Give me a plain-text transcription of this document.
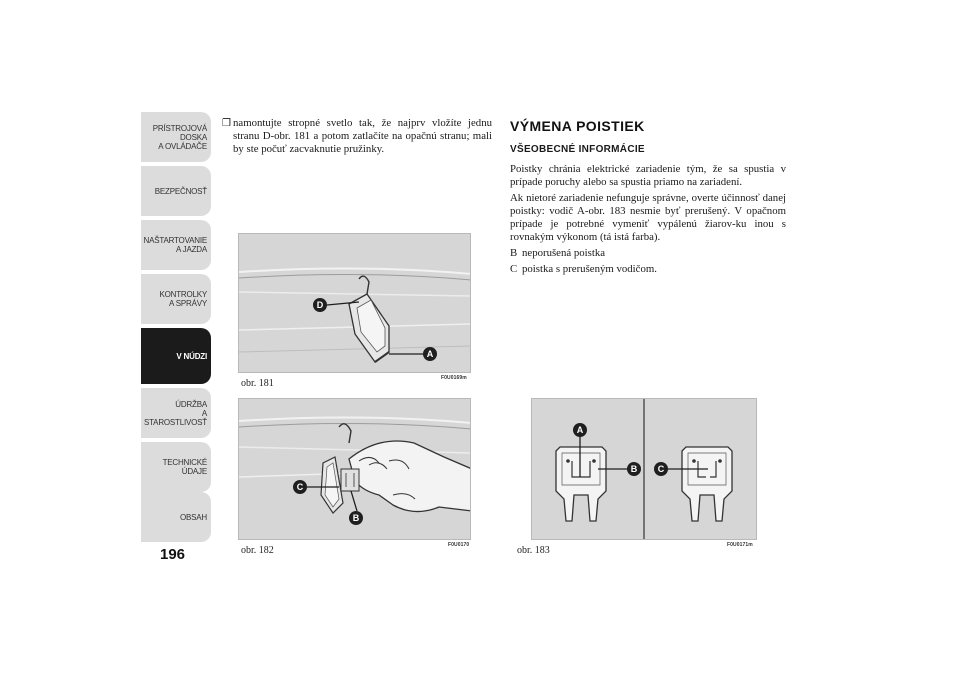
PRÍSTROJOVÁ
DOSKA
A OVLÁDAČE
BEZPEČNOSŤ
NAŠTARTOVANIE
A JAZDA
KONTROLKY
A SPRÁVY
V NÚDZI
ÚDRŽBA
A STAROSTLIVOSŤ
TECHNICKÉ ÚDAJE
OBSAH
196
❒ namontujte stropné svetlo tak, že najprv vložíte jednu stranu D-obr. 181 a potom zatlačíte na opačnú stranu; mali by ste počuť zacvaknutie pružinky.

D
A
obr. 181	F0U0169m
C
B
obr. 182	F0U0170
VÝMENA POISTIEK
VŠEOBECNÉ INFORMÁCIE

Poistky chránia elektrické zariadenie tým, že sa spustia v prípade poruchy alebo sa spustia priamo na zariadení.

Ak nietoré zariadenie nefunguje správne, overte účinnosť danej poistky: vodič A-obr. 183 nesmie byť prerušený. V opačnom prípade je potrebné vymeniť vypálenú žiarov-ku inou s rovnakým výkonom (tá istá farba).

B neporušená poistka
C poistka s prerušeným vodičom.
A
B	C
obr. 183	F0U0171m
